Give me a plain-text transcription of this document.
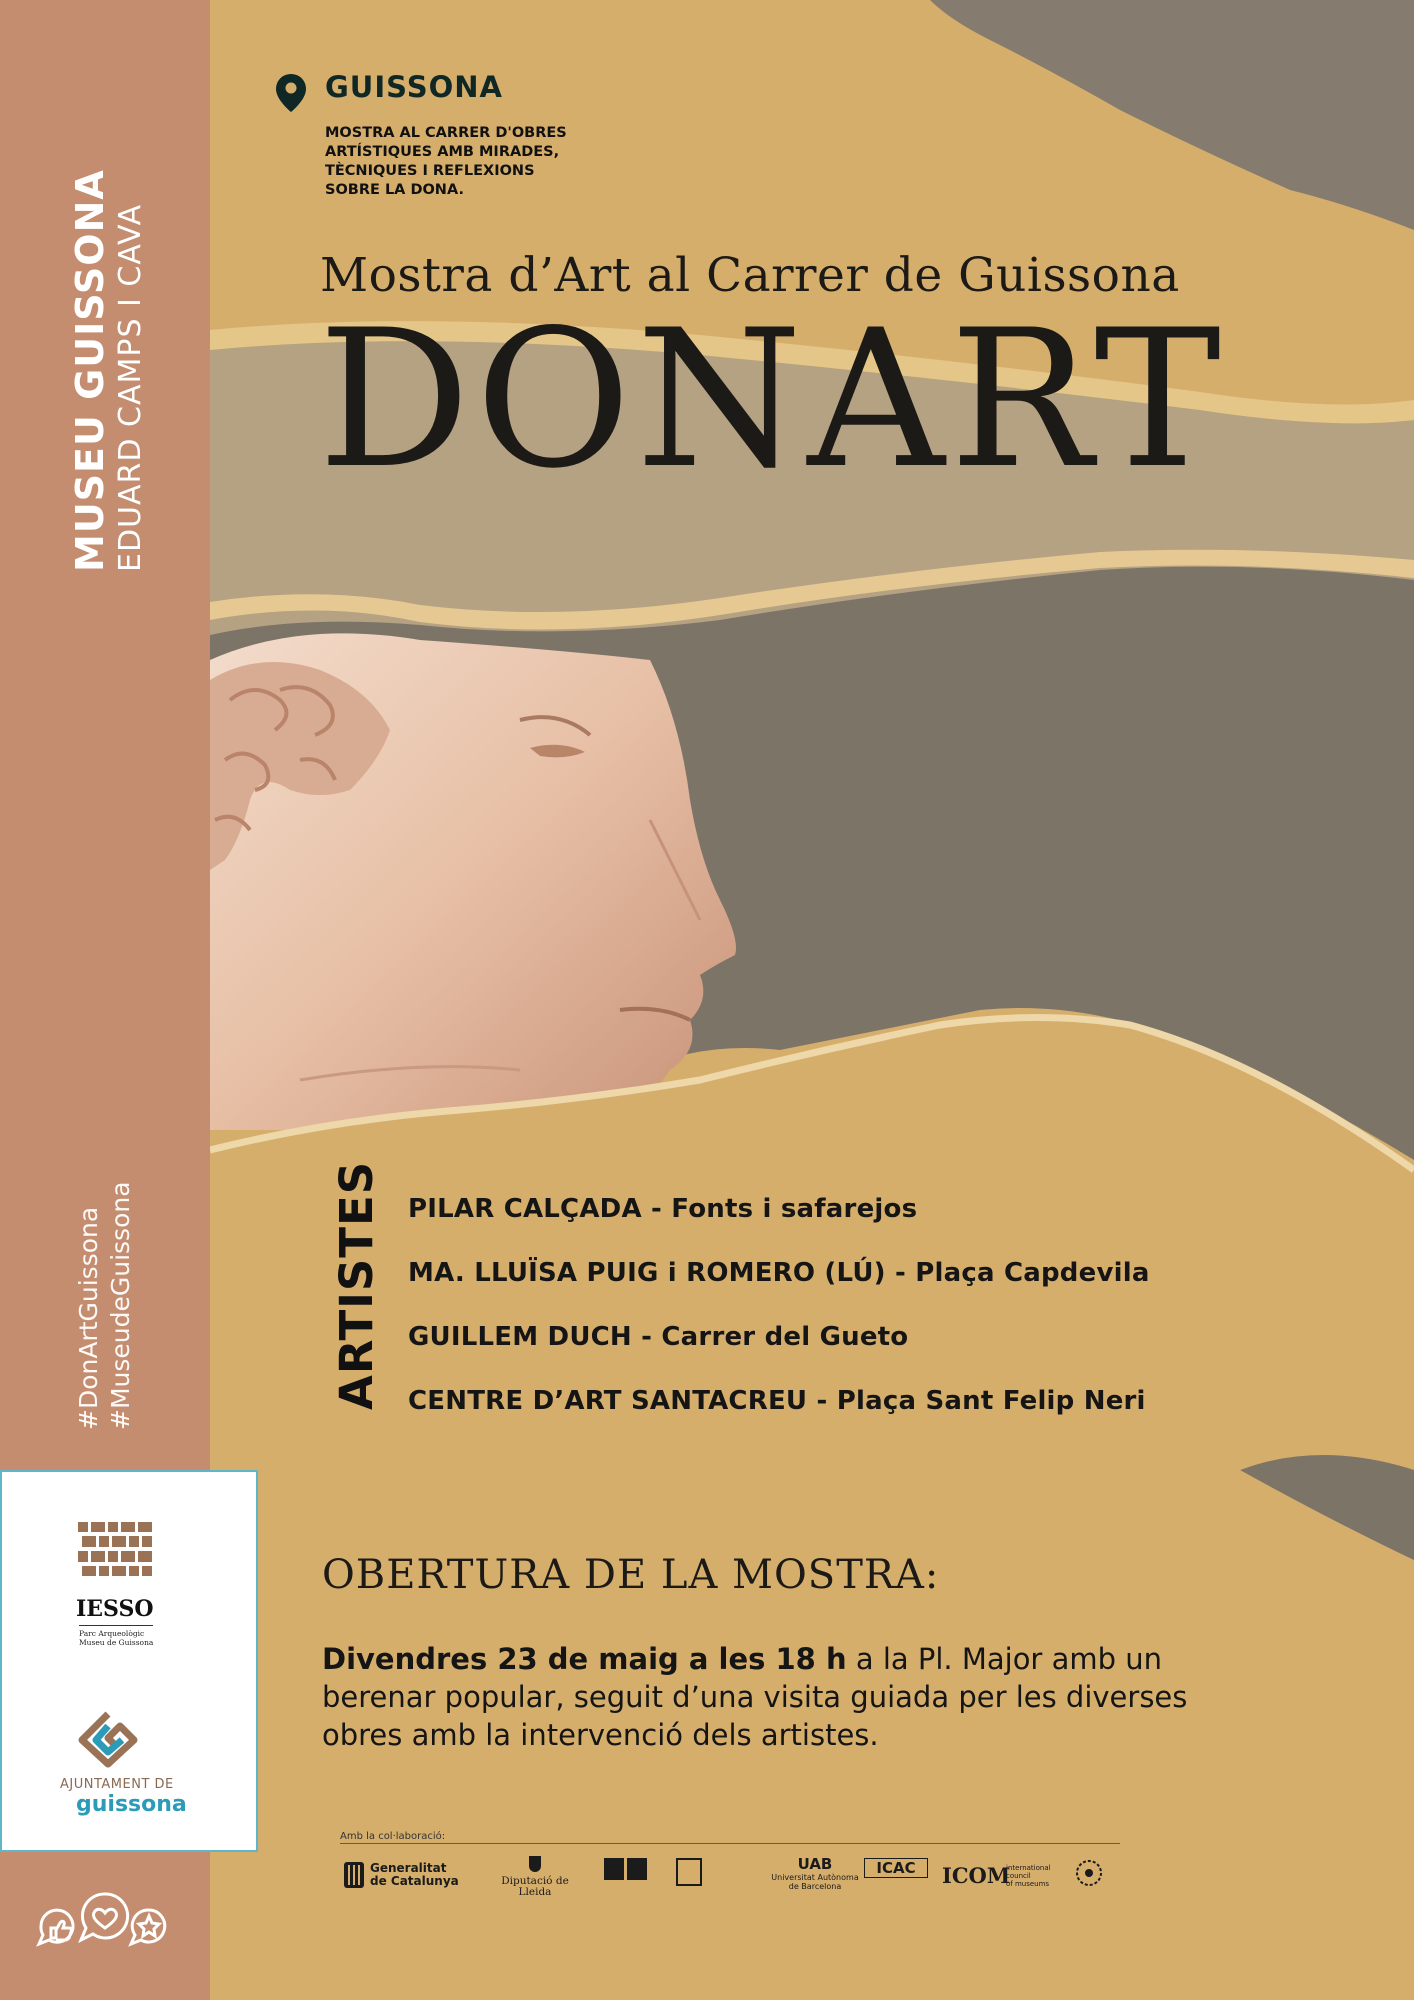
MUSEU GUISSONA EDUARD CAMPS I CAVA
#DonArtGuissona #MuseudeGuissona
GUISSONA
MOSTRA AL CARRER D'OBRES
ARTÍSTIQUES AMB MIRADES,
TÈCNIQUES I REFLEXIONS
SOBRE LA DONA.
Mostra d’Art al Carrer de Guissona
DONART
ARTISTES PILAR CALÇADA - Fonts i safarejos
MA. LLUÏSA PUIG i ROMERO (LÚ) - Plaça Capdevila
GUILLEM DUCH - Carrer del Gueto
CENTRE D’ART SANTACREU - Plaça Sant Felip Neri
OBERTURA DE LA MOSTRA:
Divendres 23 de maig a les 18 h a la Pl. Major amb un
berenar popular, seguit d’una visita guiada per les diverses
obres amb la intervenció dels artistes.
IESSO
Parc Arqueològic
Museu de Guissona
AJUNTAMENT DE
guissona
Amb la col·laboració:
Generalitat
de Catalunya	Diputació de Lleida
UAB
Universitat Autònoma
de Barcelona
ICAC	ICOM
international
council
of museums
